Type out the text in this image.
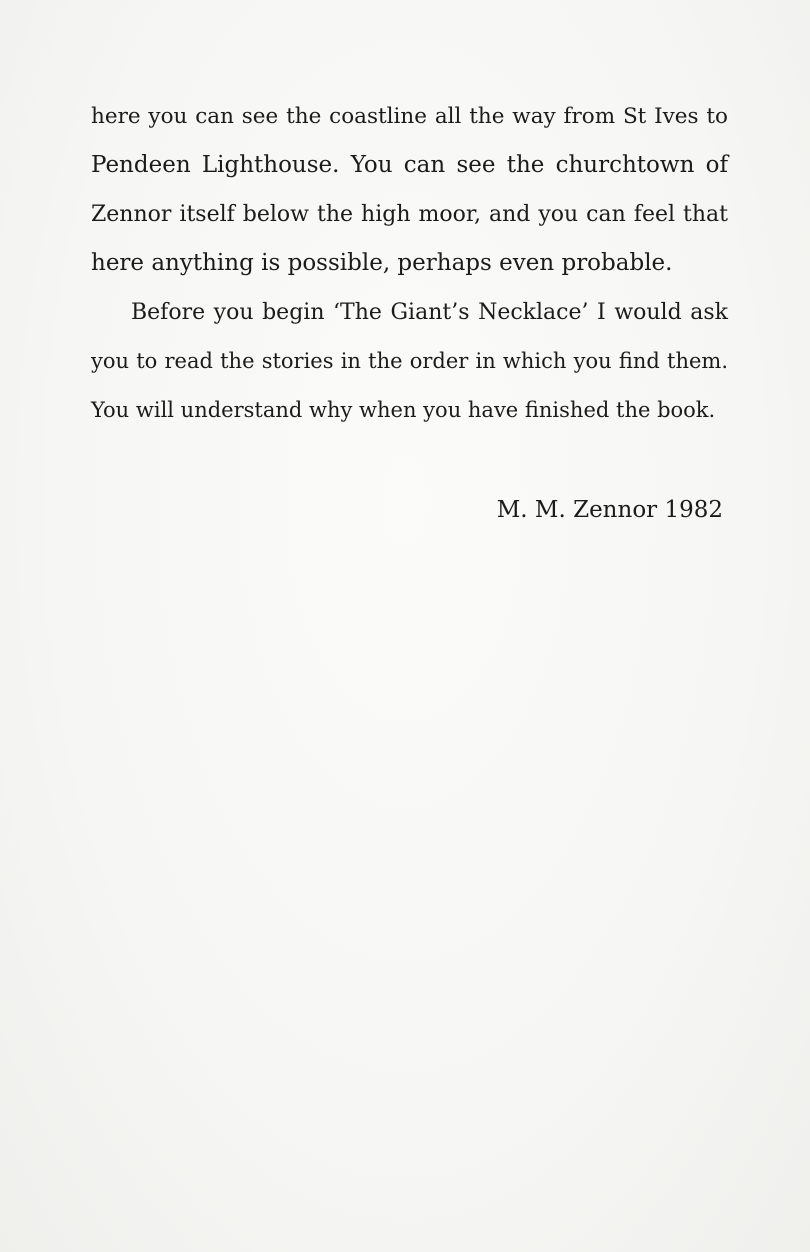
here you can see the coastline all the way from St Ives to
Pendeen Lighthouse. You can see the churchtown of
Zennor itself below the high moor, and you can feel that
here anything is possible, perhaps even probable.
Before you begin ‘The Giant’s Necklace’ I would ask
you to read the stories in the order in which you find them.
You will understand why when you have finished the book.
M. M. Zennor 1982
